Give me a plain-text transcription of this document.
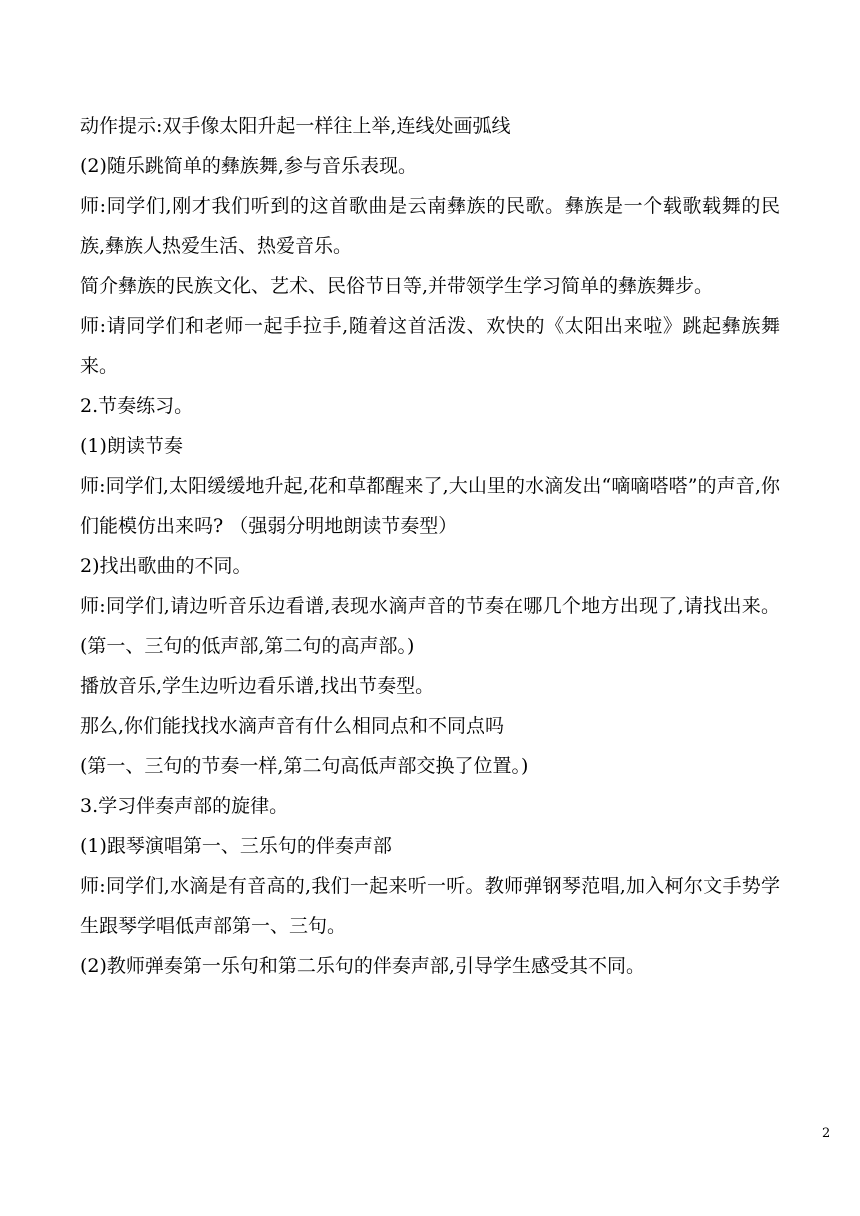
动作提示:双手像太阳升起一样往上举,连线处画弧线

(2)随乐跳简单的彝族舞,参与音乐表现。

师:同学们,刚才我们听到的这首歌曲是云南彝族的民歌。彝族是一个载歌载舞的民族,彝族人热爱生活、热爱音乐。

简介彝族的民族文化、艺术、民俗节日等,并带领学生学习简单的彝族舞步。

师:请同学们和老师一起手拉手,随着这首活泼、欢快的《太阳出来啦》跳起彝族舞来。

2.节奏练习。

(1)朗读节奏

师:同学们,太阳缓缓地升起,花和草都醒来了,大山里的水滴发出“嘀嘀嗒嗒”的声音,你们能模仿出来吗? （强弱分明地朗读节奏型）

2)找出歌曲的不同。

师:同学们,请边听音乐边看谱,表现水滴声音的节奏在哪几个地方出现了,请找出来。(第一、三句的低声部,第二句的高声部。)

播放音乐,学生边听边看乐谱,找出节奏型。

那么,你们能找找水滴声音有什么相同点和不同点吗

(第一、三句的节奏一样,第二句高低声部交换了位置。)

3.学习伴奏声部的旋律。

(1)跟琴演唱第一、三乐句的伴奏声部

师:同学们,水滴是有音高的,我们一起来听一听。教师弹钢琴范唱,加入柯尔文手势学生跟琴学唱低声部第一、三句。

(2)教师弹奏第一乐句和第二乐句的伴奏声部,引导学生感受其不同。

2
